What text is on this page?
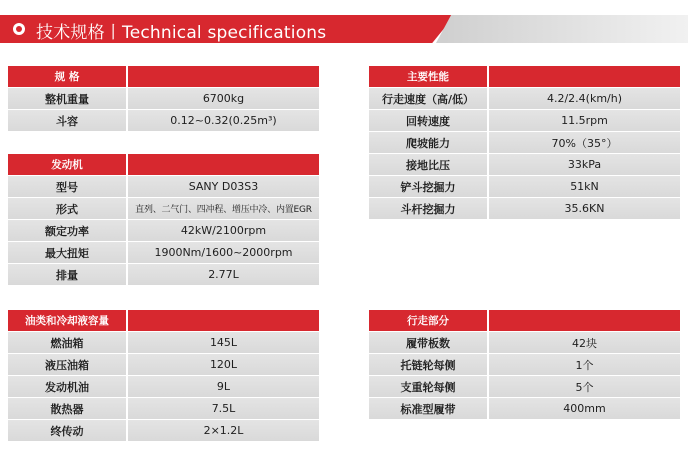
技术规格丨Technical specifications
规 格
整机重量	6700kg
斗容	0.12~0.32(0.25m³)
发动机
型号	SANY D03S3
形式	直列、二气门、四冲程、增压中冷、内置EGR
额定功率	42kW/2100rpm
最大扭矩	1900Nm/1600~2000rpm
排量	2.77L
油类和冷却液容量
燃油箱	145L
液压油箱	120L
发动机油	9L
散热器	7.5L
终传动	2×1.2L
主要性能
行走速度（高/低）	4.2/2.4(km/h)
回转速度	11.5rpm
爬坡能力	70%（35°）
接地比压	33kPa
铲斗挖掘力	51kN
斗杆挖掘力	35.6KN
行走部分
履带板数	42块
托链轮每侧	1个
支重轮每侧	5个
标准型履带	400mm
